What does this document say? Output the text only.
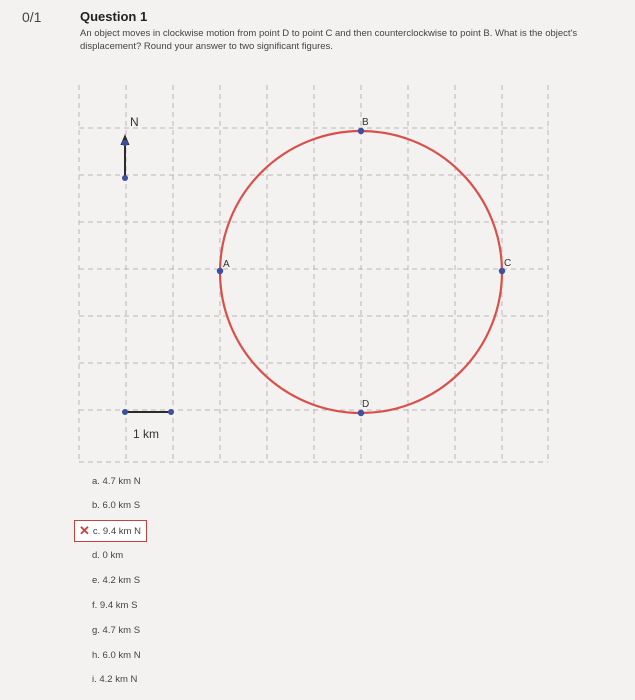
0/1	Question 1
An object moves in clockwise motion from point D to point C and then counterclockwise to point B. What is the object's displacement? Round your answer to two significant figures.
N
1 km
A
B
C
D
a. 4.7 km N
b. 6.0 km S
✕ c. 9.4 km N
d. 0 km
e. 4.2 km S
f. 9.4 km S
g. 4.7 km S
h. 6.0 km N
i. 4.2 km N
